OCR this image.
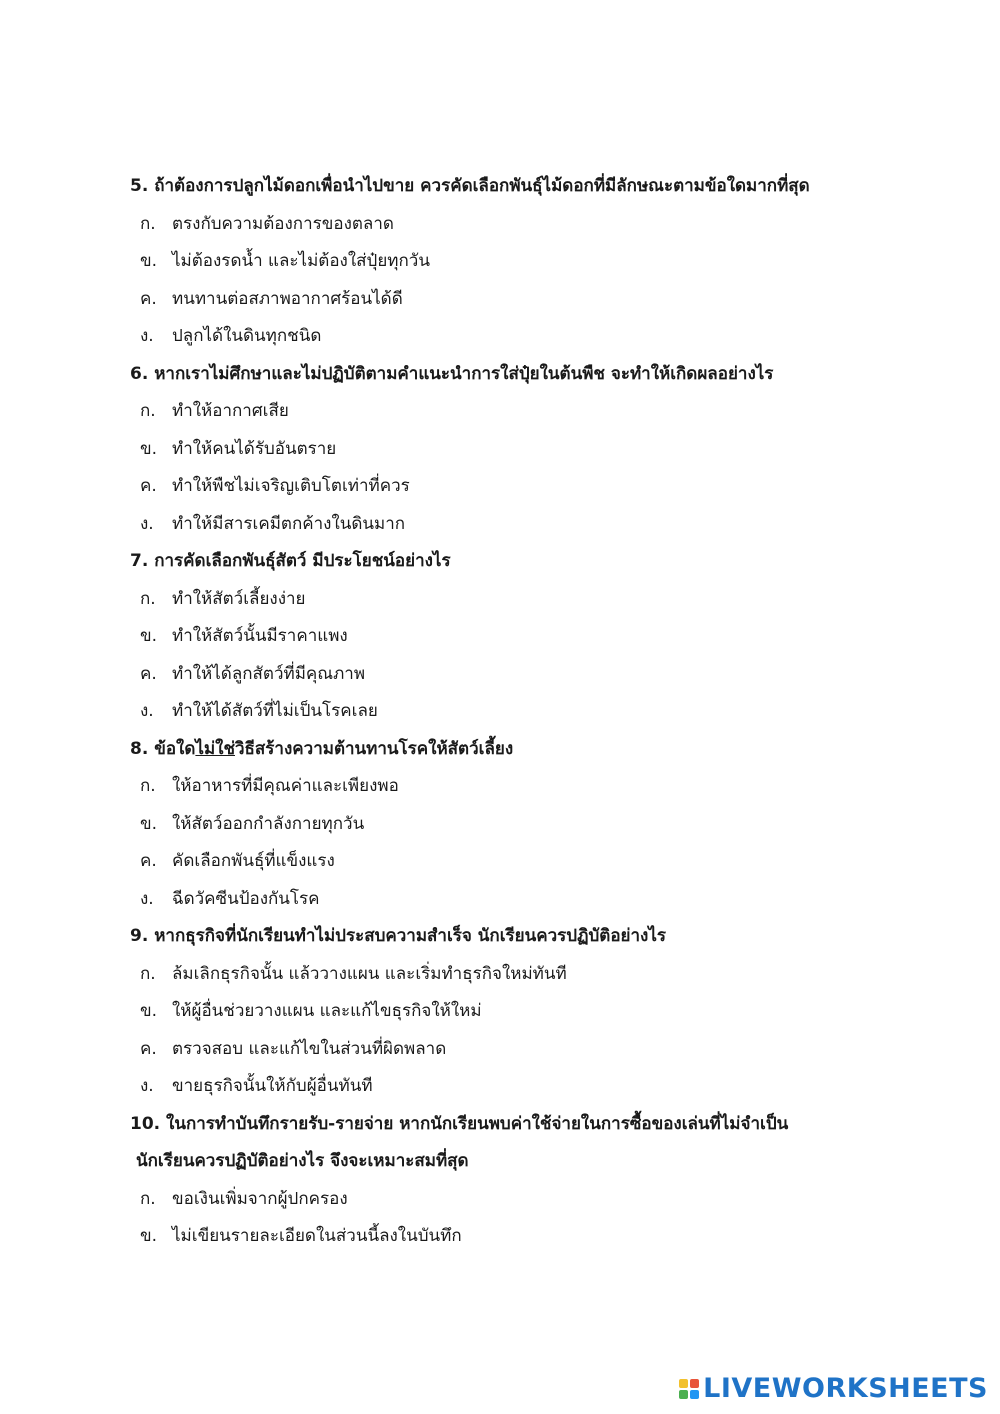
5. ถ้าต้องการปลูกไม้ดอกเพื่อนำไปขาย ควรคัดเลือกพันธุ์ไม้ดอกที่มีลักษณะตามข้อใดมากที่สุด
ก. ตรงกับความต้องการของตลาด
ข. ไม่ต้องรดน้ำ และไม่ต้องใส่ปุ๋ยทุกวัน
ค. ทนทานต่อสภาพอากาศร้อนได้ดี
ง.	ปลูกได้ในดินทุกชนิด
6. หากเราไม่ศึกษาและไม่ปฏิบัติตามคำแนะนำการใส่ปุ๋ยในต้นพืช จะทำให้เกิดผลอย่างไร
ก. ทำให้อากาศเสีย
ข. ทำให้คนได้รับอันตราย
ค. ทำให้พืชไม่เจริญเติบโตเท่าที่ควร
ง.	ทำให้มีสารเคมีตกค้างในดินมาก
7. การคัดเลือกพันธุ์สัตว์ มีประโยชน์อย่างไร
ก. ทำให้สัตว์เลี้ยงง่าย
ข. ทำให้สัตว์นั้นมีราคาแพง
ค. ทำให้ได้ลูกสัตว์ที่มีคุณภาพ
ง.	ทำให้ได้สัตว์ที่ไม่เป็นโรคเลย
8. ข้อใดไม่ใช่วิธีสร้างความต้านทานโรคให้สัตว์เลี้ยง
ก. ให้อาหารที่มีคุณค่าและเพียงพอ
ข. ให้สัตว์ออกกำลังกายทุกวัน
ค. คัดเลือกพันธุ์ที่แข็งแรง
ง.	ฉีดวัคซีนป้องกันโรค
9. หากธุรกิจที่นักเรียนทำไม่ประสบความสำเร็จ นักเรียนควรปฏิบัติอย่างไร
ก. ล้มเลิกธุรกิจนั้น แล้ววางแผน และเริ่มทำธุรกิจใหม่ทันที
ข. ให้ผู้อื่นช่วยวางแผน และแก้ไขธุรกิจให้ใหม่
ค. ตรวจสอบ และแก้ไขในส่วนที่ผิดพลาด
ง.	ขายธุรกิจนั้นให้กับผู้อื่นทันที
10. ในการทำบันทึกรายรับ-รายจ่าย หากนักเรียนพบค่าใช้จ่ายในการซื้อของเล่นที่ไม่จำเป็น
นักเรียนควรปฏิบัติอย่างไร จึงจะเหมาะสมที่สุด
ก. ขอเงินเพิ่มจากผู้ปกครอง
ข. ไม่เขียนรายละเอียดในส่วนนี้ลงในบันทึก
LIVEWORKSHEETS
